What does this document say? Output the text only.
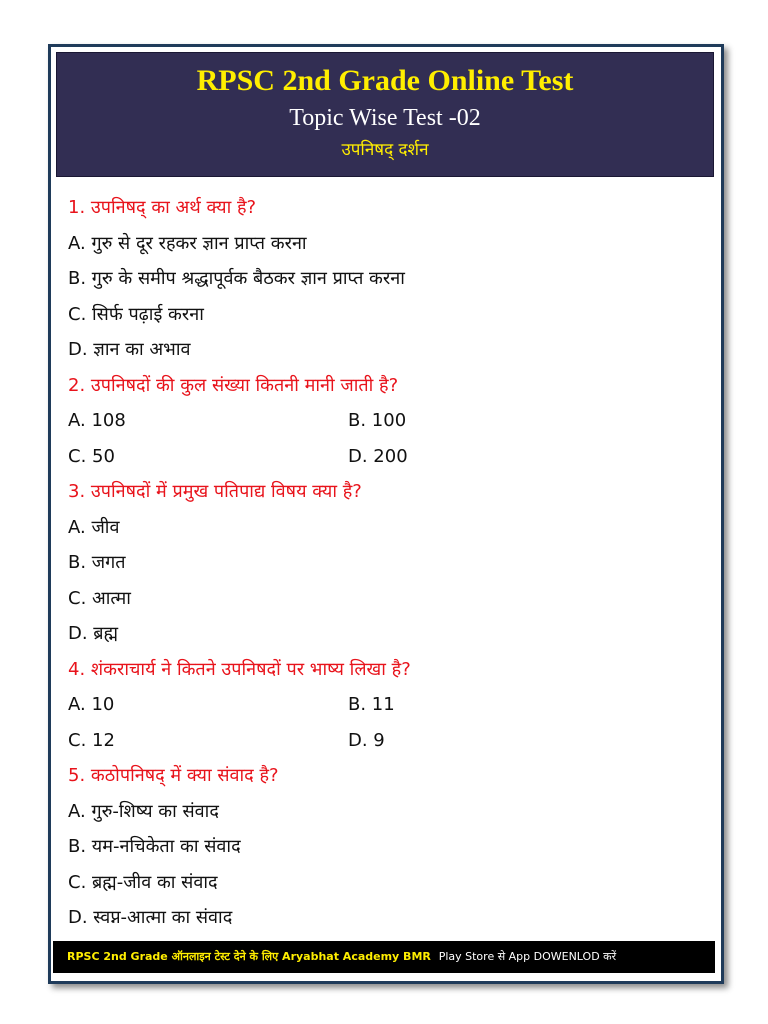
RPSC 2nd Grade Online Test
Topic Wise Test -02
उपनिषद् दर्शन
1. उपनिषद् का अर्थ क्या है?
A. गुरु से दूर रहकर ज्ञान प्राप्त करना
B. गुरु के समीप श्रद्धापूर्वक बैठकर ज्ञान प्राप्त करना
C. सिर्फ पढ़ाई करना
D. ज्ञान का अभाव
2. उपनिषदों की कुल संख्या कितनी मानी जाती है?
A. 108	B. 100
C. 50	D. 200
3. उपनिषदों में प्रमुख पतिपाद्य विषय क्या है?
A. जीव
B. जगत
C. आत्मा
D. ब्रह्म
4. शंकराचार्य ने कितने उपनिषदों पर भाष्य लिखा है?
A. 10	B. 11
C. 12	D. 9
5. कठोपनिषद् में क्या संवाद है?
A. गुरु-शिष्य का संवाद
B. यम-नचिकेता का संवाद
C. ब्रह्म-जीव का संवाद
D. स्वप्न-आत्मा का संवाद
RPSC 2nd Grade ऑनलाइन टेस्ट देने के लिए Aryabhat Academy BMR Play Store से App DOWENLOD करें
